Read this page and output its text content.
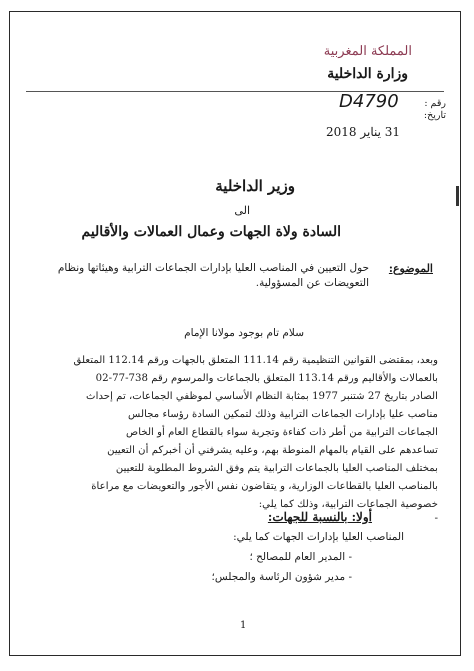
المملكة المغربية
وزارة الداخلية
رقم :
تاريخ:
D4790
31 يناير 2018
وزير الداخلية
الى
السادة ولاة الجهات وعمال العمالات والأقاليم
الموضوع:
حول التعيين في المناصب العليا بإدارات الجماعات الترابية وهيئاتها ونظام
التعويضات عن المسؤولية.
سلام تام بوجود مولانا الإمام
وبعد، بمقتضى القوانين التنظيمية رقم 111.14 المتعلق بالجهات ورقم 112.14 المتعلق
بالعمالات والأقاليم ورقم 113.14 المتعلق بالجماعات والمرسوم رقم 738-77-02
الصادر بتاريخ 27 شتنبر 1977 بمثابة النظام الأساسي لموظفي الجماعات، تم إحداث
مناصب عليا بإدارات الجماعات الترابية وذلك لتمكين السادة رؤساء مجالس
الجماعات الترابية من أطر ذات كفاءة وتجربة سواء بالقطاع العام أو الخاص
تساعدهم على القيام بالمهام المنوطة بهم، وعليه يشرفني أن أخبركم أن التعيين
بمختلف المناصب العليا بالجماعات الترابية يتم وفق الشروط المطلوبة للتعيين
بالمناصب العليا بالقطاعات الوزارية، و يتقاضون نفس الأجور والتعويضات مع مراعاة
خصوصية الجماعات الترابية، وذلك كما يلي:
-
أولا: بالنسبة للجهات:
المناصب العليا بإدارات الجهات كما يلي:
- المدير العام للمصالح ؛
- مدير شؤون الرئاسة والمجلس؛
1
